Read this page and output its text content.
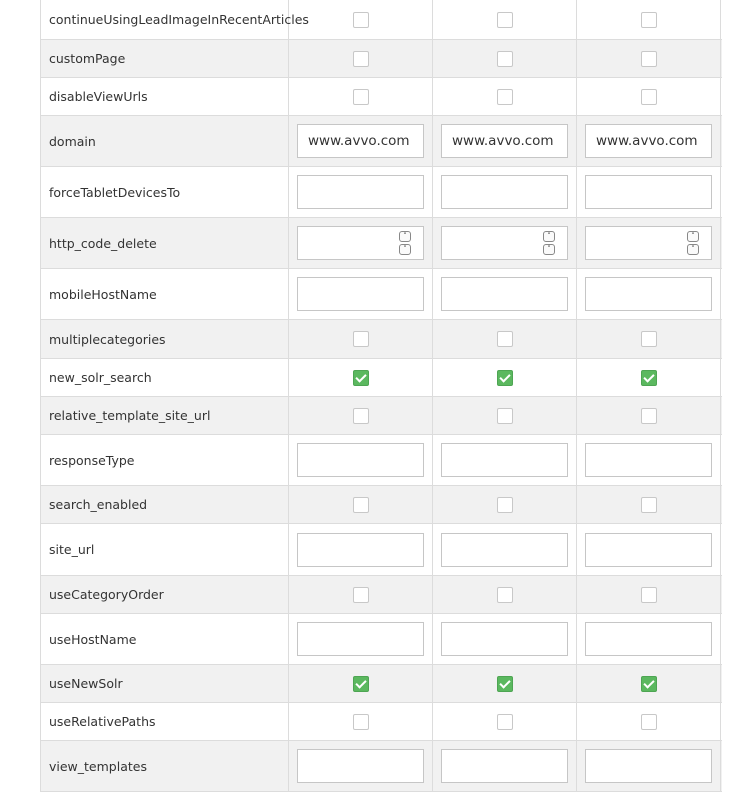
continueUsingLeadImageInRecentArticles
customPage
disableViewUrls
domain
www.avvo.com
www.avvo.com
www.avvo.com
forceTabletDevicesTo
http_code_delete	˄
˅
˄
˅
˄
˅
mobileHostName
multiplecategories
new_solr_search
relative_template_site_url
responseType
search_enabled
site_url
useCategoryOrder
useHostName
useNewSolr
useRelativePaths
view_templates
